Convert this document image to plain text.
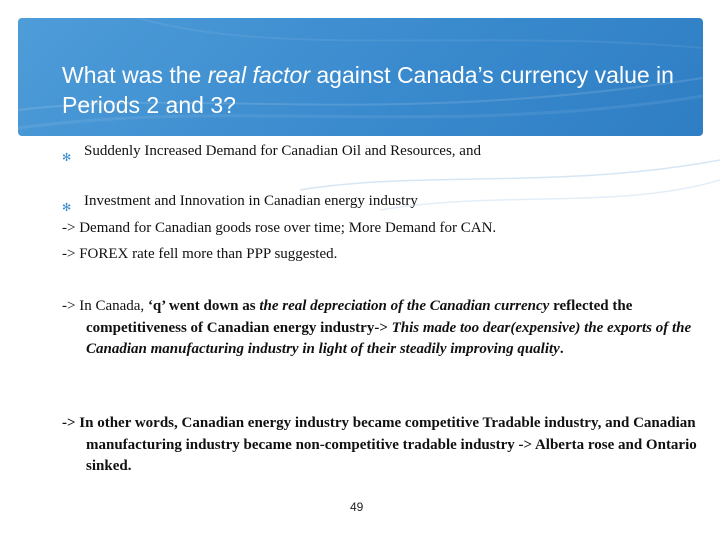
What was the real factor against Canada’s currency value in Periods 2 and 3?
✻ Suddenly Increased Demand for Canadian Oil and Resources, and

✻ Investment and Innovation in Canadian energy industry

-> Demand for Canadian goods rose over time; More Demand for CAN.

-> FOREX rate fell more than PPP suggested.

-> In Canada, ‘q’ went down as the real depreciation of the Canadian currency reflected the competitiveness of Canadian energy industry-> This made too dear(expensive) the exports of the Canadian manufacturing industry in light of their steadily improving quality.

-> In other words, Canadian energy industry became competitive Tradable industry, and Canadian manufacturing industry became non-competitive tradable industry -> Alberta rose and Ontario sinked.

49
